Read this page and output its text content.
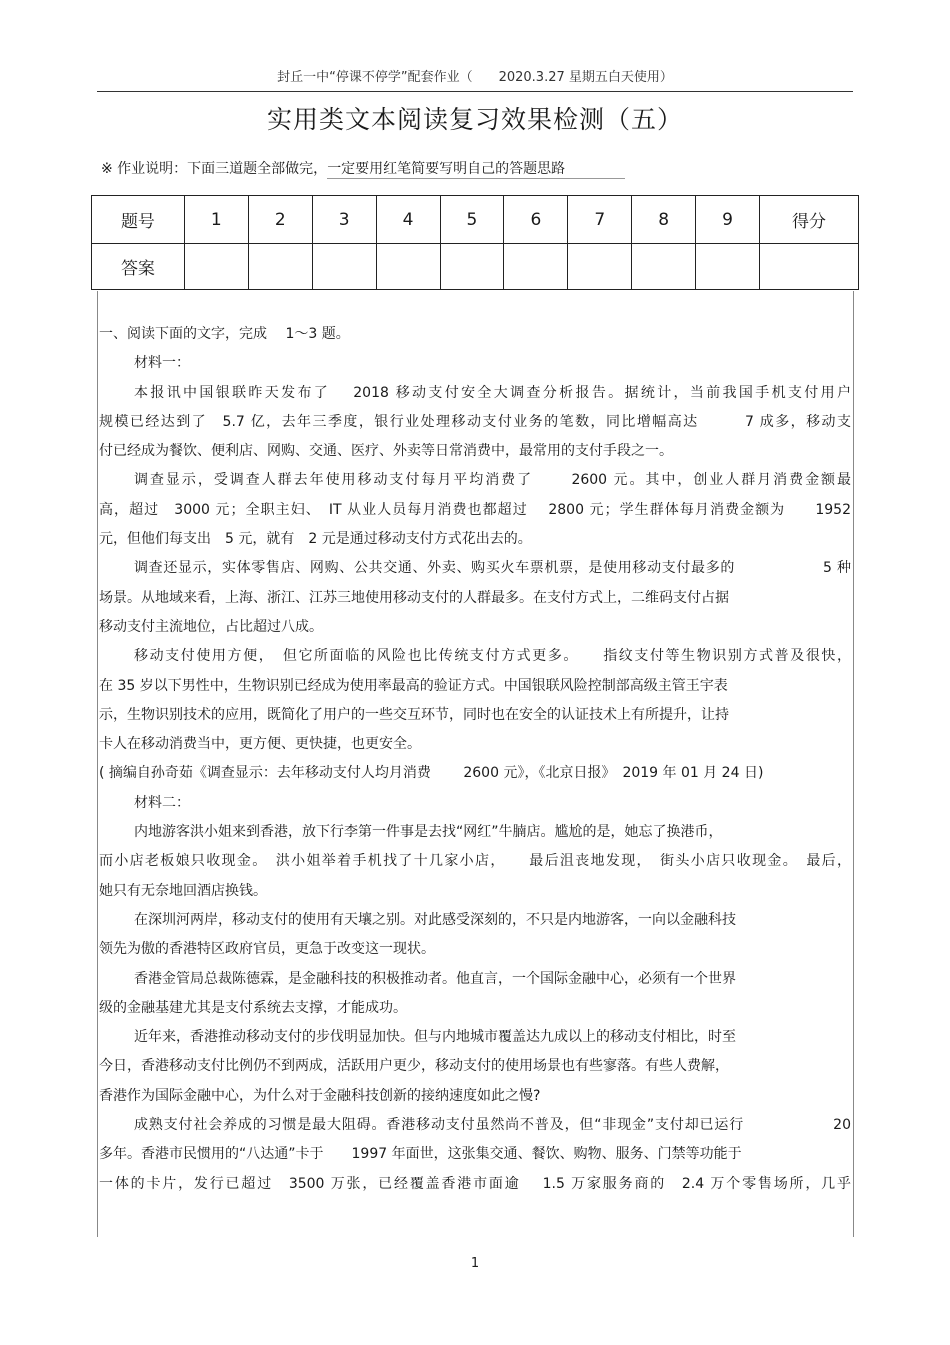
封丘一中“停课不停学”配套作业（　　2020.3.27 星期五白天使用）
实用类文本阅读复习效果检测（五）
※ 作业说明：下面三道题全部做完，一定要用红笔简要写明自己的答题思路
题号	1	2	3	4	5	6	7	8	9	得分
答案										
一、阅读下面的文字，完成　 1～3 题。
材料一：
本报讯中国银联昨天发布了　 2018 移动支付安全大调查分析报告。据统计，当前我国手机支付用户
规模已经达到了　5.7 亿，去年三季度，银行业处理移动支付业务的笔数，同比增幅高达　　　7 成多，移动支
付已经成为餐饮、便利店、网购、交通、医疗、外卖等日常消费中，最常用的支付手段之一。
调查显示，受调查人群去年使用移动支付每月平均消费了　　 2600 元。其中，创业人群月消费金额最
高，超过　3000 元；全职主妇、　IT 从业人员每月消费也都超过　 2800 元；学生群体每月消费金额为　　1952
元，但他们每支出　5 元，就有　2 元是通过移动支付方式花出去的。
调查还显示，实体零售店、网购、公共交通、外卖、购买火车票机票，是使用移动支付最多的　　　　　　5 种
场景。从地域来看，上海、浙江、江苏三地使用移动支付的人群最多。在支付方式上，二维码支付占据
移动支付主流地位，占比超过八成。
移动支付使用方便，　但它所面临的风险也比传统支付方式更多。　　指纹支付等生物识别方式普及很快，
在 35 岁以下男性中，生物识别已经成为使用率最高的验证方式。中国银联风险控制部高级主管王宇表
示，生物识别技术的应用，既简化了用户的一些交互环节，同时也在安全的认证技术上有所提升，让持
卡人在移动消费当中，更方便、更快捷，也更安全。
( 摘编自孙奇茹《调查显示：去年移动支付人均月消费　　 2600 元》，《北京日报》　2019 年 01 月 24 日)
材料二：
内地游客洪小姐来到香港，放下行李第一件事是去找“网红”牛腩店。尴尬的是，她忘了换港币，
而小店老板娘只收现金。　洪小姐举着手机找了十几家小店，　　最后沮丧地发现，　街头小店只收现金。　最后，
她只有无奈地回酒店换钱。
在深圳河两岸，移动支付的使用有天壤之别。对此感受深刻的，不只是内地游客，一向以金融科技
领先为傲的香港特区政府官员，更急于改变这一现状。
香港金管局总裁陈德霖，是金融科技的积极推动者。他直言，一个国际金融中心，必须有一个世界
级的金融基建尤其是支付系统去支撑，才能成功。
近年来，香港推动移动支付的步伐明显加快。但与内地城市覆盖达九成以上的移动支付相比，时至
今日，香港移动支付比例仍不到两成，活跃用户更少，移动支付的使用场景也有些寥落。有些人费解，
香港作为国际金融中心，为什么对于金融科技创新的接纳速度如此之慢?
成熟支付社会养成的习惯是最大阻碍。香港移动支付虽然尚不普及，但“非现金”支付却已运行　　　　　　20
多年。香港市民惯用的“八达通”卡于　　1997 年面世，这张集交通、餐饮、购物、服务、门禁等功能于
一体的卡片，发行已超过　3500 万张，已经覆盖香港市面逾　 1.5 万家服务商的　2.4 万个零售场所，几乎
1
